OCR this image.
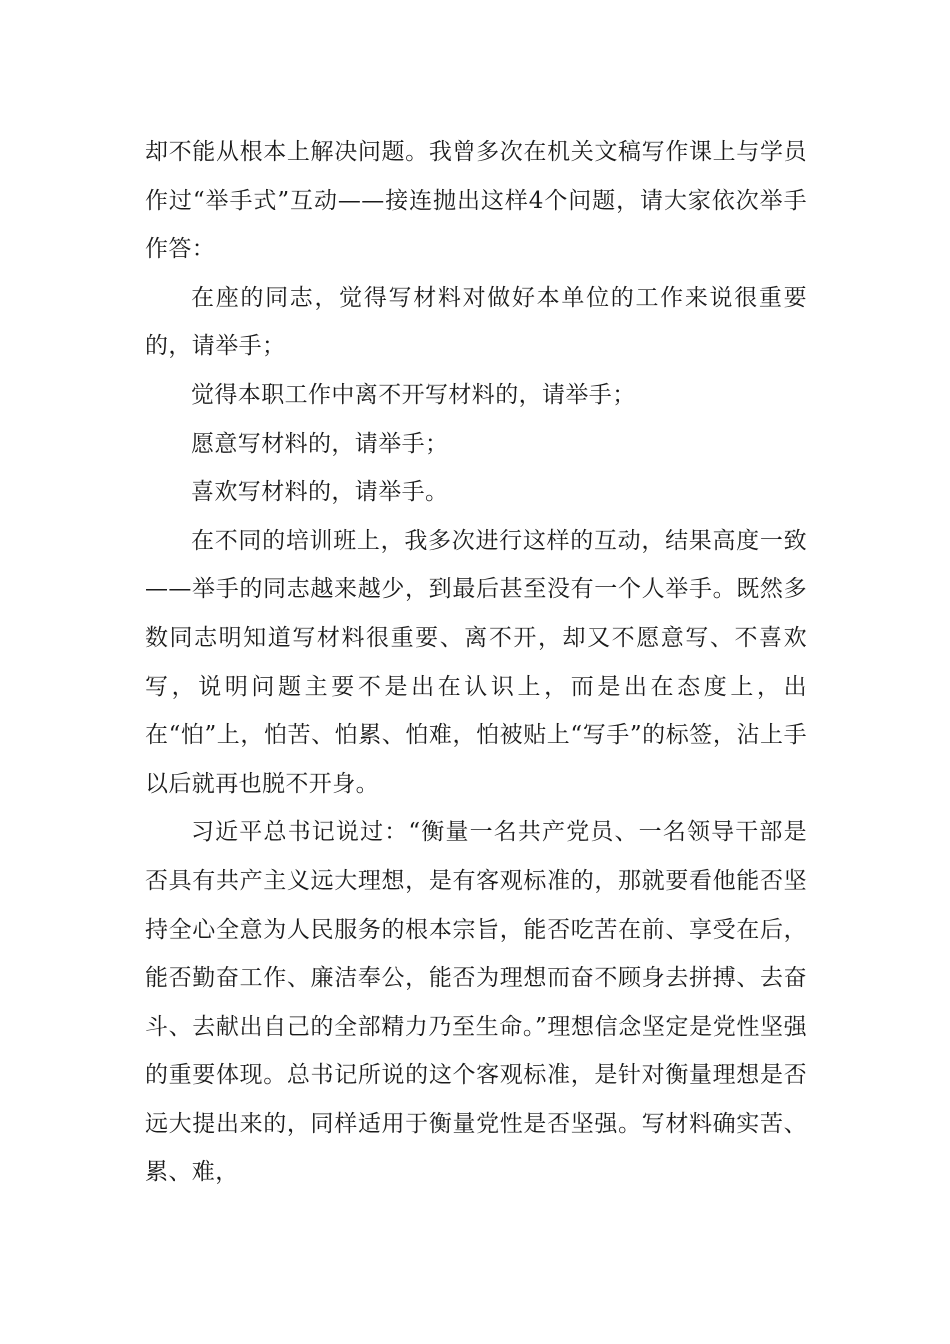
却不能从根本上解决问题。我曾多次在机关文稿写作课上与学员作过“举手式”互动——接连抛出这样4个问题，请大家依次举手作答：

在座的同志，觉得写材料对做好本单位的工作来说很重要的，请举手；

觉得本职工作中离不开写材料的，请举手；

愿意写材料的，请举手；

喜欢写材料的，请举手。

在不同的培训班上，我多次进行这样的互动，结果高度一致——举手的同志越来越少，到最后甚至没有一个人举手。既然多数同志明知道写材料很重要、离不开，却又不愿意写、不喜欢写，说明问题主要不是出在认识上，而是出在态度上，出在“怕”上，怕苦、怕累、怕难，怕被贴上“写手”的标签，沾上手以后就再也脱不开身。

习近平总书记说过：“衡量一名共产党员、一名领导干部是否具有共产主义远大理想，是有客观标准的，那就要看他能否坚持全心全意为人民服务的根本宗旨，能否吃苦在前、享受在后，能否勤奋工作、廉洁奉公，能否为理想而奋不顾身去拼搏、去奋斗、去献出自己的全部精力乃至生命。”理想信念坚定是党性坚强的重要体现。总书记所说的这个客观标准，是针对衡量理想是否远大提出来的，同样适用于衡量党性是否坚强。写材料确实苦、累、难，
